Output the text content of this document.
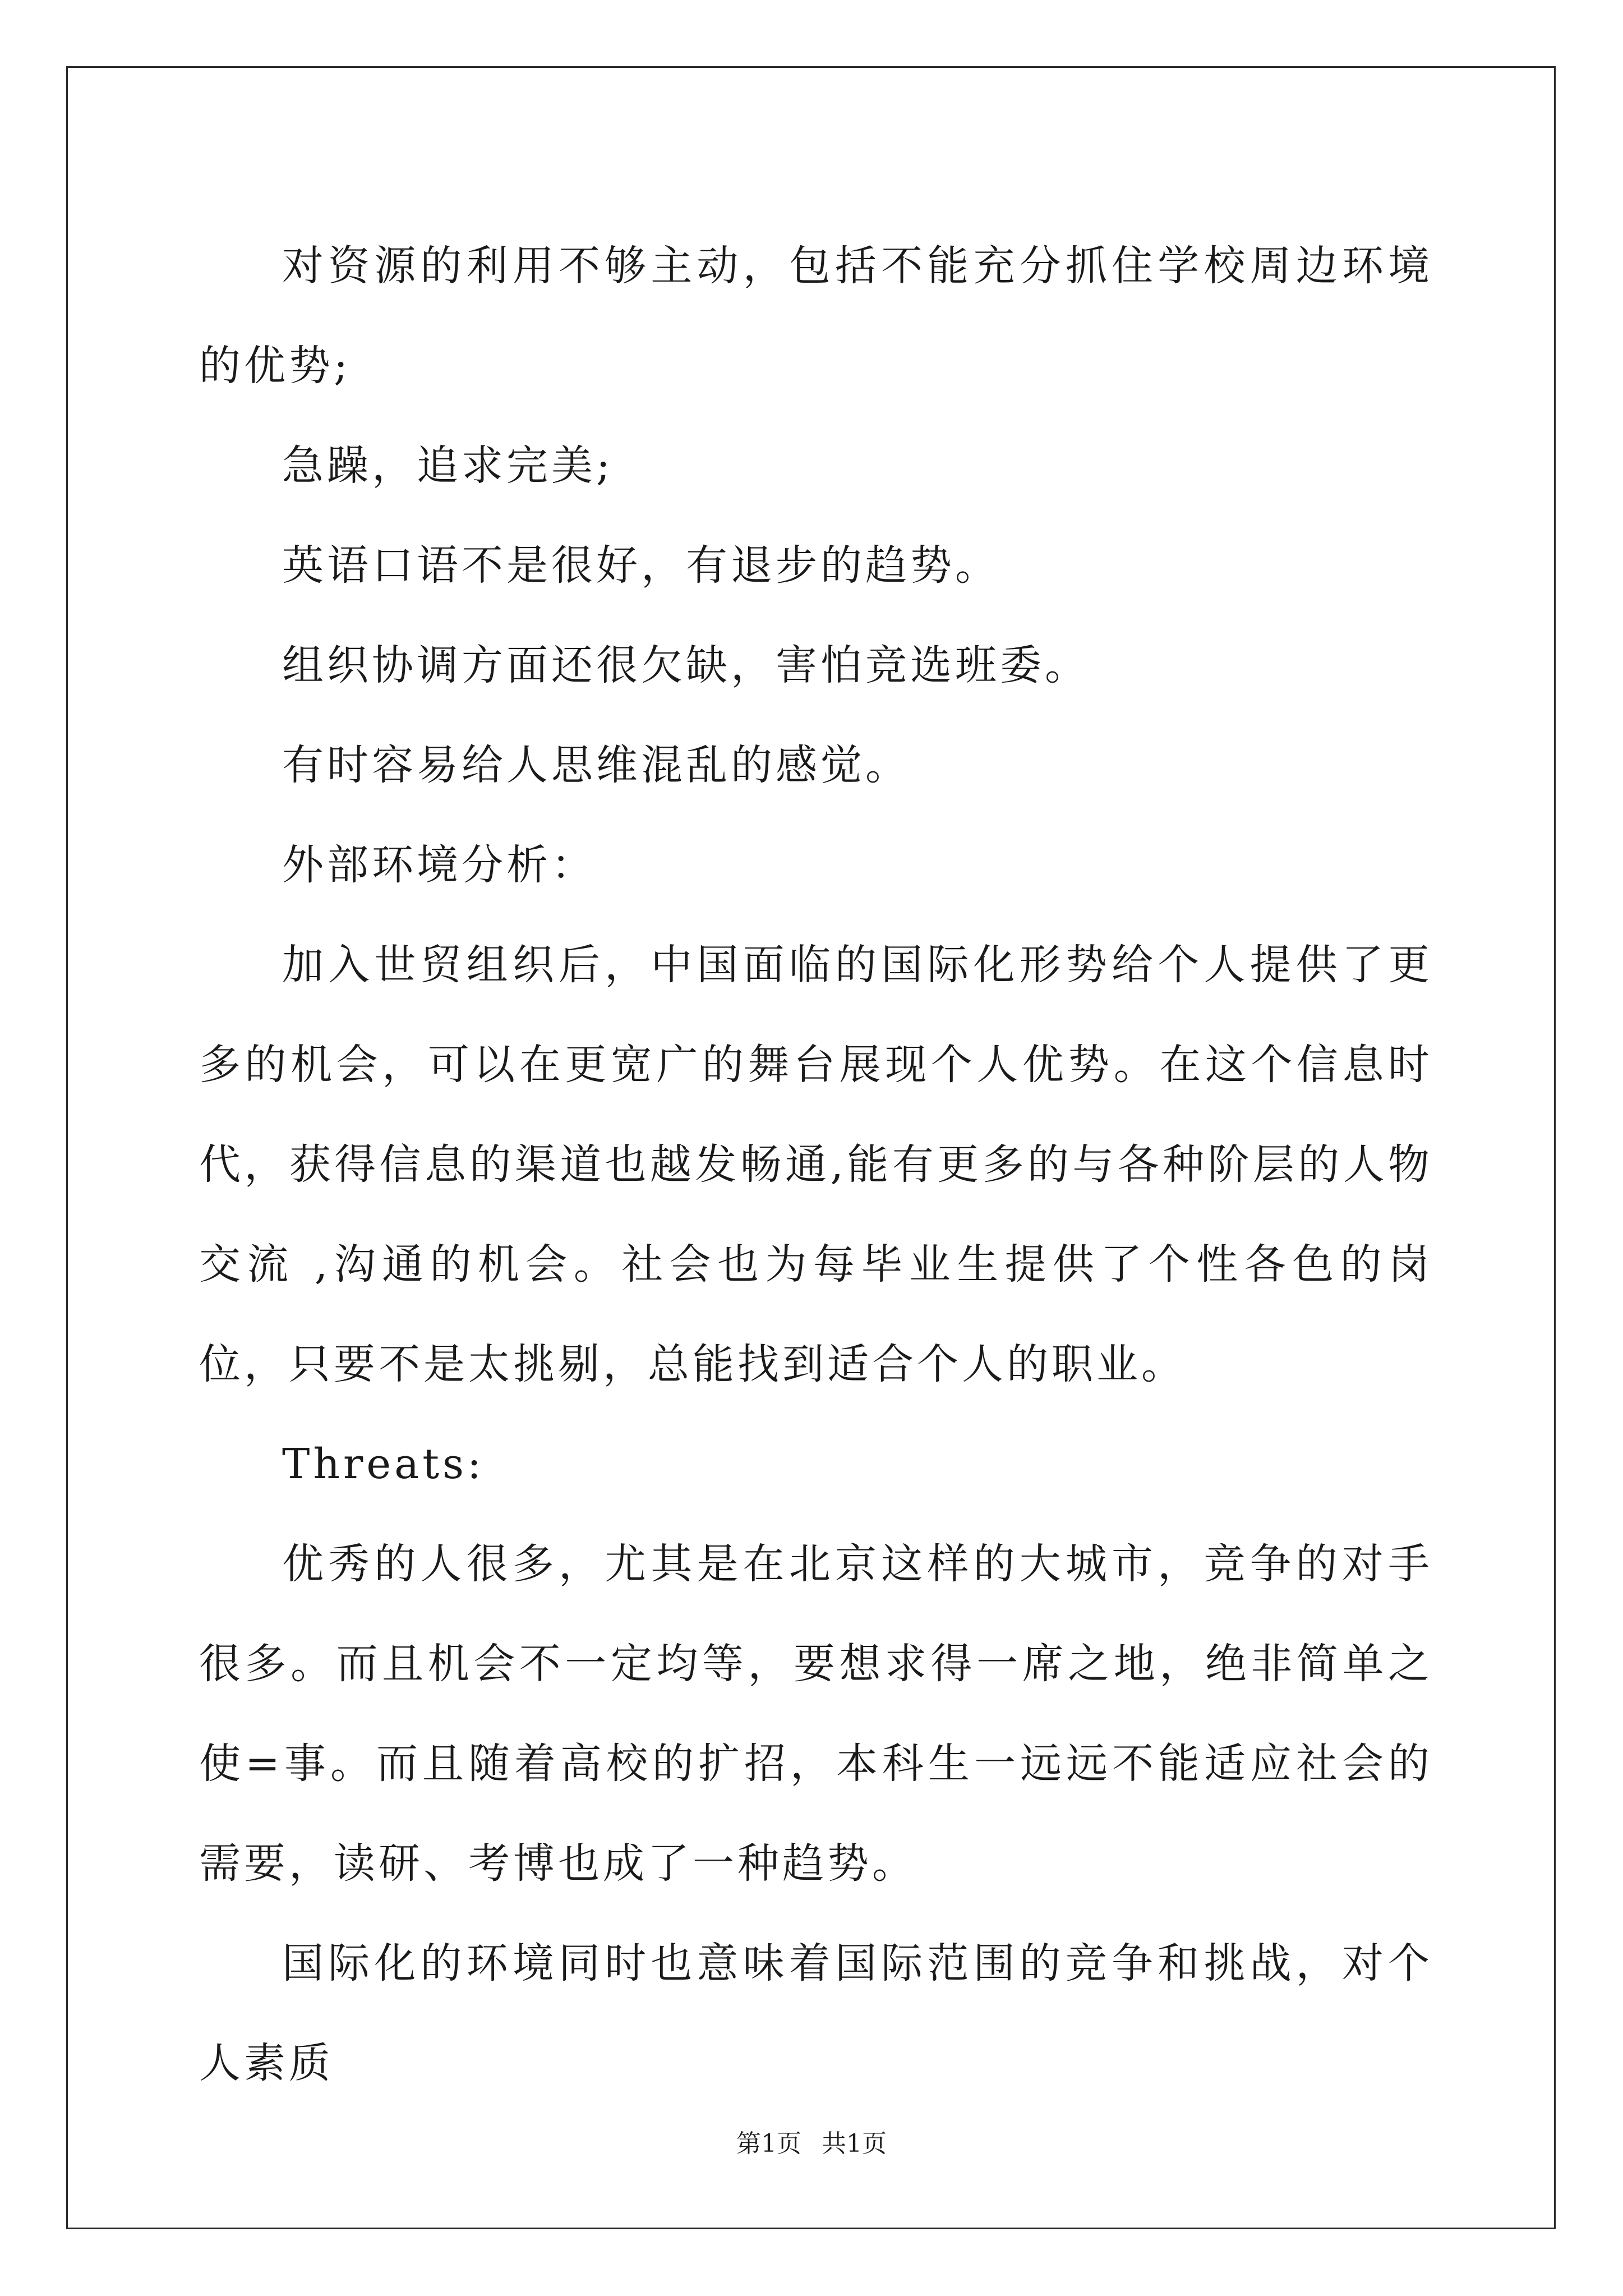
对资源的利用不够主动，包括不能充分抓住学校周边环境的优势;

急躁，追求完美;

英语口语不是很好，有退步的趋势。

组织协调方面还很欠缺，害怕竞选班委。

有时容易给人思维混乱的感觉。

外部环境分析：

加入世贸组织后，中国面临的国际化形势给个人提供了更多的机会，可以在更宽广的舞台展现个人优势。在这个信息时代，获得信息的渠道也越发畅通,能有更多的与各种阶层的人物交流 ,沟通的机会。社会也为每毕业生提供了个性各色的岗位，只要不是太挑剔，总能找到适合个人的职业。

Threats:

优秀的人很多，尤其是在北京这样的大城市，竞争的对手很多。而且机会不一定均等，要想求得一席之地，绝非简单之使=事。而且随着高校的扩招，本科生一远远不能适应社会的需要，读研、考博也成了一种趋势。

国际化的环境同时也意味着国际范围的竞争和挑战，对个人素质

第1页 共1页
